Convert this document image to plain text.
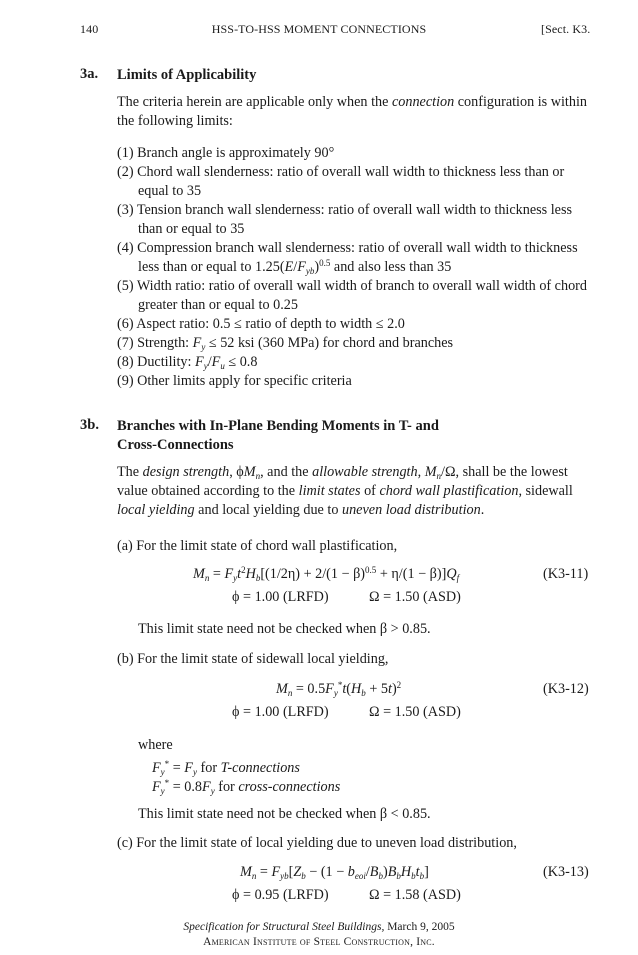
140	HSS-TO-HSS MOMENT CONNECTIONS	[Sect. K3.
3a. Limits of Applicability
The criteria herein are applicable only when the connection configuration is within the following limits:
(1) Branch angle is approximately 90°
(2) Chord wall slenderness: ratio of overall wall width to thickness less than or equal to 35
(3) Tension branch wall slenderness: ratio of overall wall width to thickness less than or equal to 35
(4) Compression branch wall slenderness: ratio of overall wall width to thickness less than or equal to $1.25(E/F_{yb})^{0.5}$ and also less than 35
(5) Width ratio: ratio of overall wall width of branch to overall wall width of chord greater than or equal to 0.25
(6) Aspect ratio: 0.5 ≤ ratio of depth to width ≤ 2.0
(7) Strength: $F_y \le 52$ ksi (360 MPa) for chord and branches
(8) Ductility: $F_y/F_u \le 0.8$
(9) Other limits apply for specific criteria
3b. Branches with In-Plane Bending Moments in T- and
Cross-Connections
The design strength, $\phi M_n$, and the allowable strength, $M_n/\Omega$, shall be the lowest value obtained according to the limit states of chord wall plastification, sidewall local yielding and local yielding due to uneven load distribution.
(a) For the limit state of chord wall plastification,
$M_n = F_yt^2H_b[(1/2\eta) + 2/(1 - \beta)^{0.5} + \eta/(1 - \beta)]Q_f$	(K3-11)
ϕ = 1.00 (LRFD)	Ω = 1.50 (ASD)
This limit state need not be checked when β > 0.85.
(b) For the limit state of sidewall local yielding,
$M_n = 0.5F_y^*t(H_b + 5t)^2$	(K3-12)
ϕ = 1.00 (LRFD)	Ω = 1.50 (ASD)
where
$F_y^* = F_y$ for T-connections
$F_y^* = 0.8F_y$ for cross-connections
This limit state need not be checked when β < 0.85.
(c) For the limit state of local yielding due to uneven load distribution,
$M_n = F_{yb}[Z_b - (1 - b_{eoi}/B_b)B_bH_bt_b]$	(K3-13)
ϕ = 0.95 (LRFD)	Ω = 1.58 (ASD)
Specification for Structural Steel Buildings, March 9, 2005
American Institute of Steel Construction, Inc.
